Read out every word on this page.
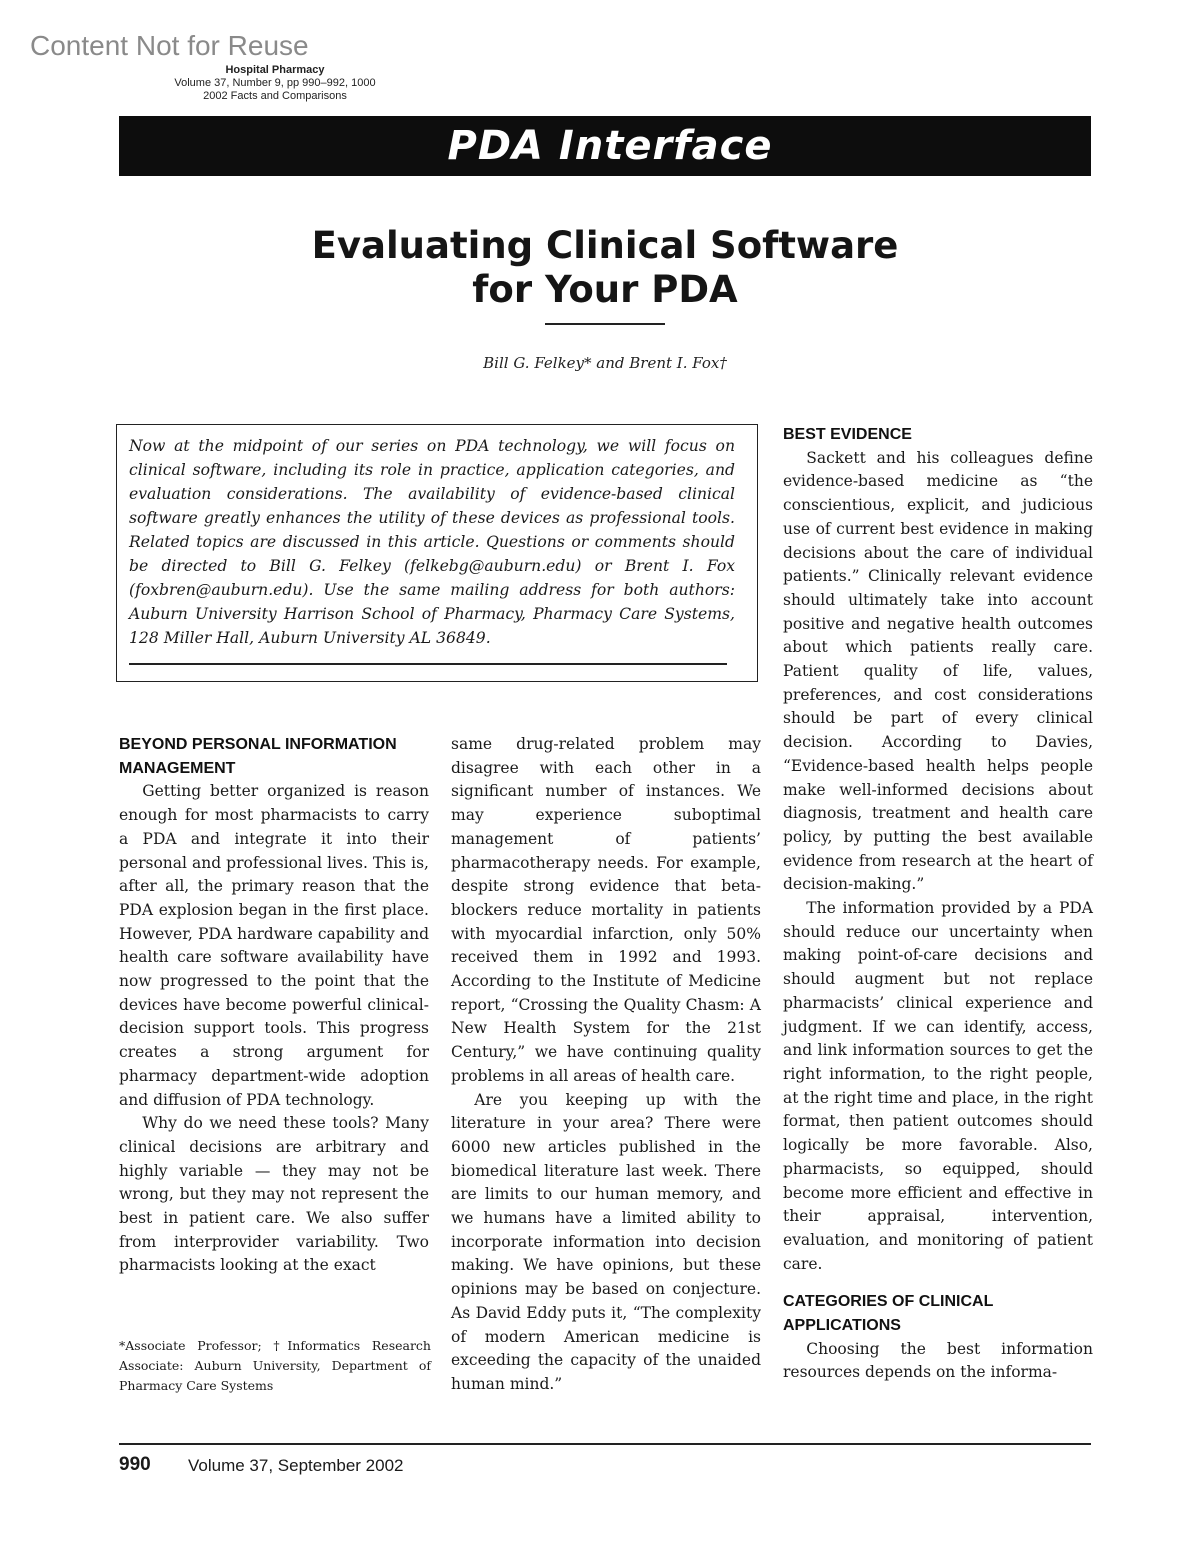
Content Not for Reuse
Hospital Pharmacy
Volume 37, Number 9, pp 990–992, 1000
2002 Facts and Comparisons
PDA Interface
Evaluating Clinical Software
for Your PDA
Bill G. Felkey* and Brent I. Fox†

Now at the midpoint of our series on PDA technology, we will focus on clinical software, including its role in practice, application categories, and evaluation considerations. The availability of evidence-based clinical software greatly enhances the utility of these devices as professional tools. Related topics are discussed in this article. Questions or comments should be directed to Bill G. Felkey (felkebg@auburn.edu) or Brent I. Fox (foxbren@auburn.edu). Use the same mailing address for both authors: Auburn University Harrison School of Pharmacy, Pharmacy Care Systems, 128 Miller Hall, Auburn University AL 36849.

BEYOND PERSONAL INFORMATION MANAGEMENT

Getting better organized is reason enough for most pharmacists to carry a PDA and integrate it into their personal and professional lives. This is, after all, the primary reason that the PDA explosion began in the first place. However, PDA hardware capability and health care software availability have now progressed to the point that the devices have become powerful clinical-decision support tools. This progress creates a strong argument for pharmacy department-wide adoption and diffusion of PDA technology.

Why do we need these tools? Many clinical decisions are arbitrary and highly variable — they may not be wrong, but they may not represent the best in patient care. We also suffer from interprovider variability. Two pharmacists looking at the exact

*Associate Professor; †Informatics Research Associate: Auburn University, Department of Pharmacy Care Systems

same drug-related problem may disagree with each other in a significant number of instances. We may experience suboptimal management of patients’ pharmacotherapy needs. For example, despite strong evidence that beta-blockers reduce mortality in patients with myocardial infarction, only 50% received them in 1992 and 1993. According to the Institute of Medicine report, “Crossing the Quality Chasm: A New Health System for the 21st Century,” we have continuing quality problems in all areas of health care.

Are you keeping up with the literature in your area? There were 6000 new articles published in the biomedical literature last week. There are limits to our human memory, and we humans have a limited ability to incorporate information into decision making. We have opinions, but these opinions may be based on conjecture. As David Eddy puts it, “The complexity of modern American medicine is exceeding the capacity of the unaided human mind.”

BEST EVIDENCE

Sackett and his colleagues define evidence-based medicine as “the conscientious, explicit, and judicious use of current best evidence in making decisions about the care of individual patients.” Clinically relevant evidence should ultimately take into account positive and negative health outcomes about which patients really care. Patient quality of life, values, preferences, and cost considerations should be part of every clinical decision. According to Davies, “Evidence-based health helps people make well-informed decisions about diagnosis, treatment and health care policy, by putting the best available evidence from research at the heart of decision-making.”

The information provided by a PDA should reduce our uncertainty when making point-of-care decisions and should augment but not replace pharmacists’ clinical experience and judgment. If we can identify, access, and link information sources to get the right information, to the right people, at the right time and place, in the right format, then patient outcomes should logically be more favorable. Also, pharmacists, so equipped, should become more efficient and effective in their appraisal, intervention, evaluation, and monitoring of patient care.

CATEGORIES OF CLINICAL APPLICATIONS

Choosing the best information resources depends on the informa-

990 Volume 37, September 2002
